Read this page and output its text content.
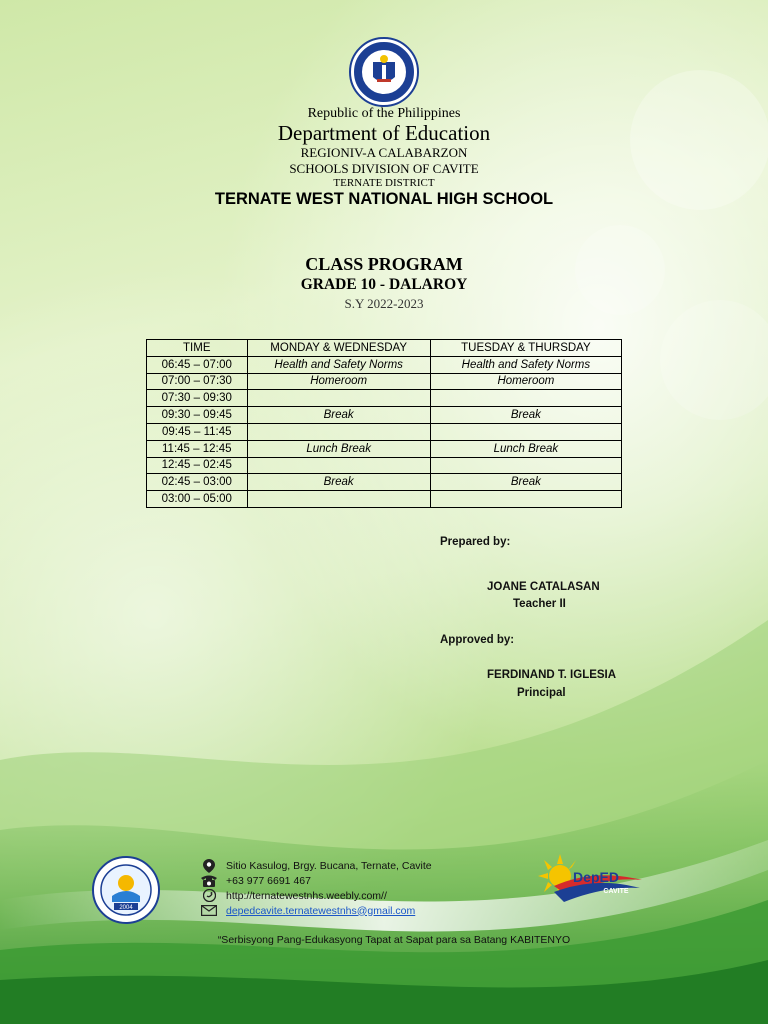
Republic of the Philippines
Department of Education
REGIONIV-A CALABARZON
SCHOOLS DIVISION OF CAVITE
TERNATE DISTRICT
TERNATE WEST NATIONAL HIGH SCHOOL
CLASS PROGRAM
GRADE 10 - DALAROY
S.Y 2022-2023
TIME	MONDAY & WEDNESDAY	TUESDAY & THURSDAY
06:45 – 07:00	Health and Safety Norms	Health and Safety Norms
07:00 – 07:30	Homeroom	Homeroom
07:30 – 09:30		
09:30 – 09:45	Break	Break
09:45 – 11:45		
11:45 – 12:45	Lunch Break	Lunch Break
12:45 – 02:45		
02:45 – 03:00	Break	Break
03:00 – 05:00		
Prepared by:
JOANE CATALASAN
Teacher II
Approved by:
FERDINAND T. IGLESIA
Principal
2004
Sitio Kasulog, Brgy. Bucana, Ternate, Cavite
+63 977 6691 467
http://ternatewestnhs.weebly.com//
depedcavite.ternatewestnhs@gmail.com
DepED
CAVITE
“Serbisyong Pang-Edukasyong Tapat at Sapat para sa Batang KABITENYO
